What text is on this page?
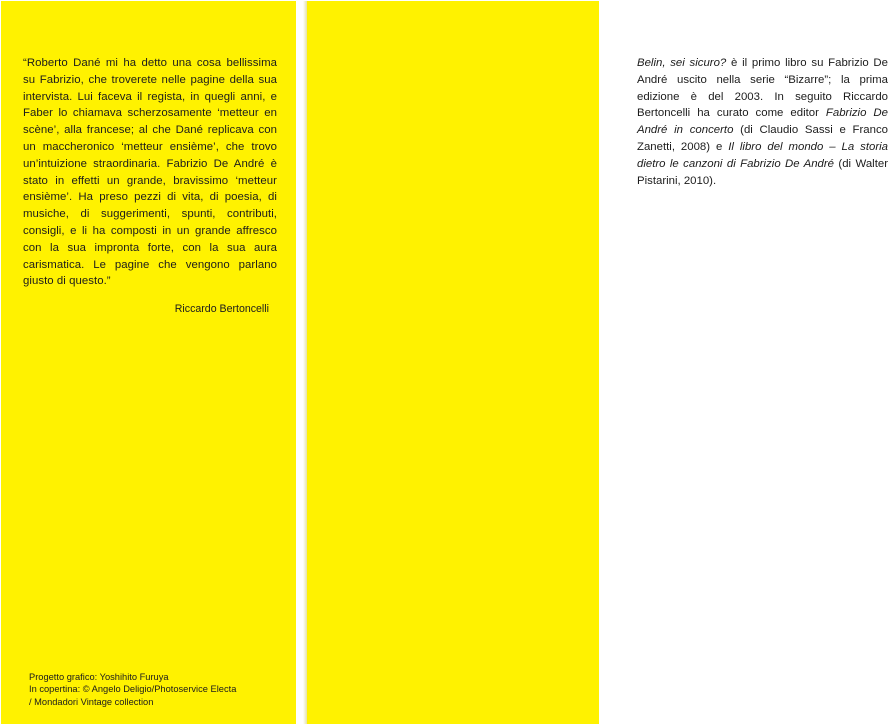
“Roberto Dané mi ha detto una cosa bellissima su Fabrizio, che troverete nelle pagine della sua intervista. Lui faceva il regista, in quegli anni, e Faber lo chiamava scherzosamente ‘metteur en scène’, alla francese; al che Dané replicava con un maccheronico ‘metteur ensième’, che trovo un’intuizione straordinaria. Fabrizio De André è stato in effetti un grande, bravissimo ‘metteur ensième’. Ha preso pezzi di vita, di poesia, di musiche, di suggerimenti, spunti, contributi, consigli, e li ha composti in un grande affresco con la sua impronta forte, con la sua aura carismatica. Le pagine che vengono parlano giusto di questo.”

Riccardo Bertoncelli

Progetto grafico: Yoshihito Furuya
In copertina: © Angelo Deligio/Photoservice Electa
/ Mondadori Vintage collection

Belin, sei sicuro? è il primo libro su Fabrizio De André uscito nella serie “Bizarre”; la prima edizione è del 2003. In seguito Riccardo Bertoncelli ha curato come editor Fabrizio De André in concerto (di Claudio Sassi e Franco Zanetti, 2008) e Il libro del mondo – La storia dietro le canzoni di Fabrizio De André (di Walter Pistarini, 2010).
